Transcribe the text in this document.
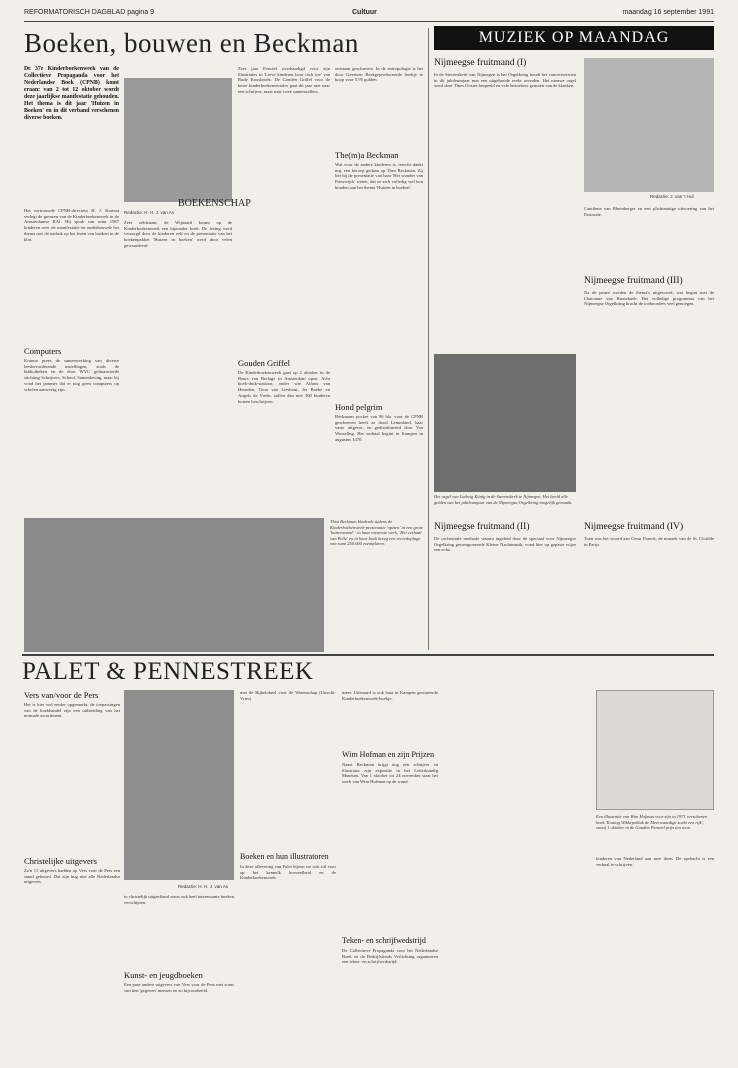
REFORMATORISCH DAGBLAD pagina 9	Cultuur	maandag 16 september 1991
Boeken, bouwen en Beckman	MUZIEK OP MAANDAG
De 37e Kinderboekenweek van de Collectieve Propaganda voor het Nederlandse Boek (CPNB) komt eraan: van 2 tot 12 oktober wordt deze jaarlijkse manifestatie gehouden. Het thema is dit jaar 'Huizen in Boeken' en in dit verband verschenen diverse boeken.
Het vertrouwde CPNB-directeur H. J. Kraima verlegt de grenzen van de Kinderboekenweek in de Amsterdamse RAI. Hij sprak van ruim 1987 kinderen over de manifestatie en onderbouwde het thema met de nadruk op het lezen van boeken in de klas.
Computers
Kraima prees de samenwerking van diverse leesbevorderende instellingen, zoals de bibliotheken en de door WVC gefinancierde stichting Schrijvers, School, Samenleving, maar hij vond het jammer dat er nog geen computers op scholen aanwezig zijn.
BOEKENSCHAP
Redactie: H. H. J. van As
Zeer zeldzaam, de Wijnaard kwam op de Kinderboekenweek een bijzonder boek. De lezing werd verzorgd door de kinderen zelf en de presentatie van het boekenpakket 'Huizen in boeken' werd door velen gewaardeerd.
Zeer jaar Penseel overhandigd voor zijn illustraties in 'Lieve kinderen hoor toch toe' van Rudy Kousbroek. De Gouden Griffel voor de beste kinderboekenvertaler gaat dit jaar niet naar een schrijver, maar naar twee samenstellers.
Gouden Griffel
De Kinderboekenweek gaat op 2 oktober in de Beurs van Berlage in Amsterdam open. Acht boek-druk-stations, onder wie Alfons van Heusden, Toon van Lieshout, Jet Boeke en Angels de Vrede, zullen dan met 300 kinderen huizen beschrijven.
ontstaan geschreven. In de antropologie is het door Geertsen Beekgeproduceerde boekje te koop voor 5,95 gulden.
The(m)a Beckman
Wat voor de andere kinderen is, terecht dankt mij, een beroep gedaan op Thea Beckman. Zij liet bij de presentatie van haar 'Het wonder van Frieswijck' weten, dat ze zich volledig wel kon houden aan het thema 'Huizen in boeken'.
Hond pelgrim
Beckmans pocket van 96 blz. voor de CPNB geschreven heeft ze dood Lemmland, haar vaste uitgever, en gedistribueerd door Van Wessellng. Het verhaal begint in Kampen in augustus 1470.
Thea Beckman bladerde tijdens de Kinderboekenweek-presentatie 'opzien' in een grote 'huizenwand' - in haar nieuwste werk, 'Het verhaal van Pelle' en in haar boek kreeg een recordoplage van ruim 250.000 exemplaren.
Nijmeegse fruitmand (I)
In de Stevenskerk van Nijmegen is het Orgelkring houdt het concertseizoen in dit jubileumjaar met een uitgebreide reeks avonden. Het nieuwe orgel werd door Thies Ooster bespeeld en vele bezoekers genoten van de klanken.
Het orgel van Ludwig König in de Stevenskerk te Nijmegen. Het beeld alle gelden van het jubileumjaar van de Nijmeegse Orgelkring mogelijk gemaakt.
Nijmeegse fruitmand (II)
De orchestrale methode waarin ingeleid door de speciaal voor Nijmeegse Orgelkring gecomponeerde Kleine Nachtmusik, vond hier op gepaste wijze een echo.
Redactie: J. van 't Hul
Cantilene van Rheinberger en een plichtmatige uitvoering van het Pastorale.
Nijmeegse fruitmand (III)
Na de pauze werden de thema's uitgevoerd, wat begint met de Chaconne van Buxtehude. Het volledige programma van het Nijmeegse Orgelkring bracht de toehoorders veel genoegen.
Nijmeegse fruitmand (IV)
Toen was het woord aan Cesar Franck, de muziek van de St. Clotilde in Parijs.
PALET & PENNESTREEK
Vers van/voor de Pers
Het is hier wel eerder opgemerkt: de toepassingen van de boekhandel zijn een uitbreiding van het normale assortiment.
Christelijke uitgevers
Zo'n 11 uitgevers hadden op Vers voor de Pers een stand gehuurd. Dat zijn hug niet alle Nederlandse uitgevers.
Redactie: H. H. J. van As
in christelijk uitgeefland soms ook heel interessante boeken verschijnen.
Kunst- en jeugdboeken
Een paar andere uitgevers van Vers voor de Pers met soms van hen 'gegeven' mensen en zo bijvoorbeeld.
met de Bijbeloheel voor de Wetenschap (Utrecht-Vries).
Boeken en hun illustratoren
In deze aflevering van Palet bijzon we ook stil voor op het kennelk hoeveelheid en de Kinderboekenweek.
meer. Uiteraard is ook haar in Kampen gesitueerde Kinderboekenweek-boekje.
Wim Hofman en zijn Prijzen
Naast Beckman krijgt nog een schrijver en illustrator zijn expositie in het Letterkundig Museum. Van 1 oktober tot 24 november staat het werk van Wim Hofman op de wand.
Teken- en schrijfwedstrijd
De Collectieve Propaganda voor het Nederlandse Boek en de Bedrijfsfonds Verlichting organiseren een teken- en schrijfwedstrijd.
Een illustratie van Wim Hofman voor zijn in 1971 verschenen boek 'Koning Wikkepokluk de Meerwaardige zoekt een rijk', vanaf 1 oktober in de Gouden Penseel prijs ten toon.
kinderen van Nederland aan mee doen. De opdracht is een verhaal te schrijven.
